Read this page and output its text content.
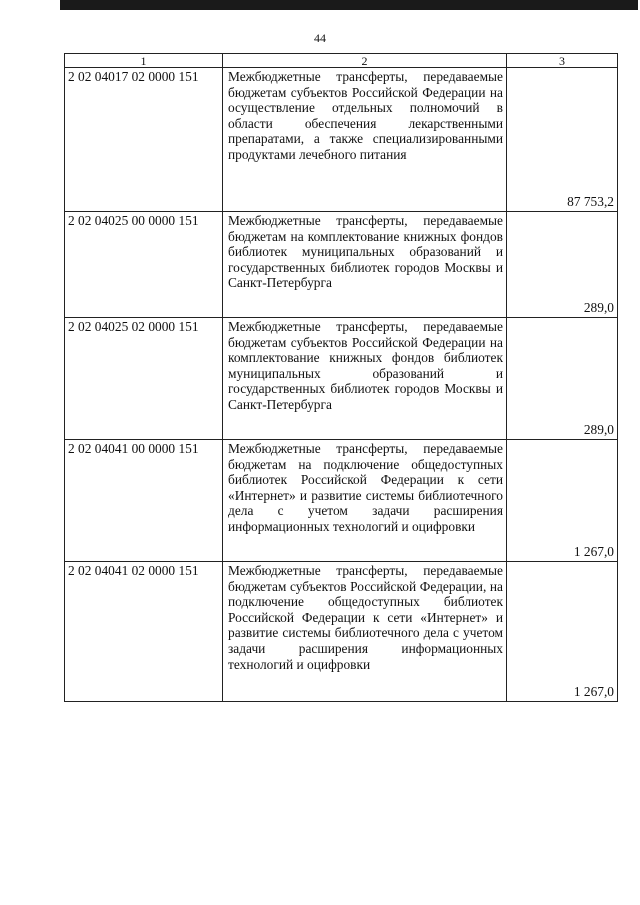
44
1	2	3
2 02 04017 02 0000 151	Межбюджетные трансферты, передаваемые бюджетам субъектов Российской Федерации на осуществление отдельных полномочий в области обеспечения лекарственными препаратами, а также специализированными продуктами лечебного питания	87 753,2
2 02 04025 00 0000 151	Межбюджетные трансферты, передаваемые бюджетам на комплектование книжных фондов библиотек муниципальных образований и государственных библиотек городов Москвы и Санкт-Петербурга	289,0
2 02 04025 02 0000 151	Межбюджетные трансферты, передаваемые бюджетам субъектов Российской Федерации на комплектование книжных фондов библиотек муниципальных образований и государственных библиотек городов Москвы и Санкт-Петербурга	289,0
2 02 04041 00 0000 151	Межбюджетные трансферты, передаваемые бюджетам на подключение общедоступных библиотек Российской Федерации к сети «Интернет» и развитие системы библиотечного дела с учетом задачи расширения информационных технологий и оцифровки	1 267,0
2 02 04041 02 0000 151	Межбюджетные трансферты, передаваемые бюджетам субъектов Российской Федерации, на подключение общедоступных библиотек Российской Федерации к сети «Интернет» и развитие системы библиотечного дела с учетом задачи расширения информационных технологий и оцифровки	1 267,0
